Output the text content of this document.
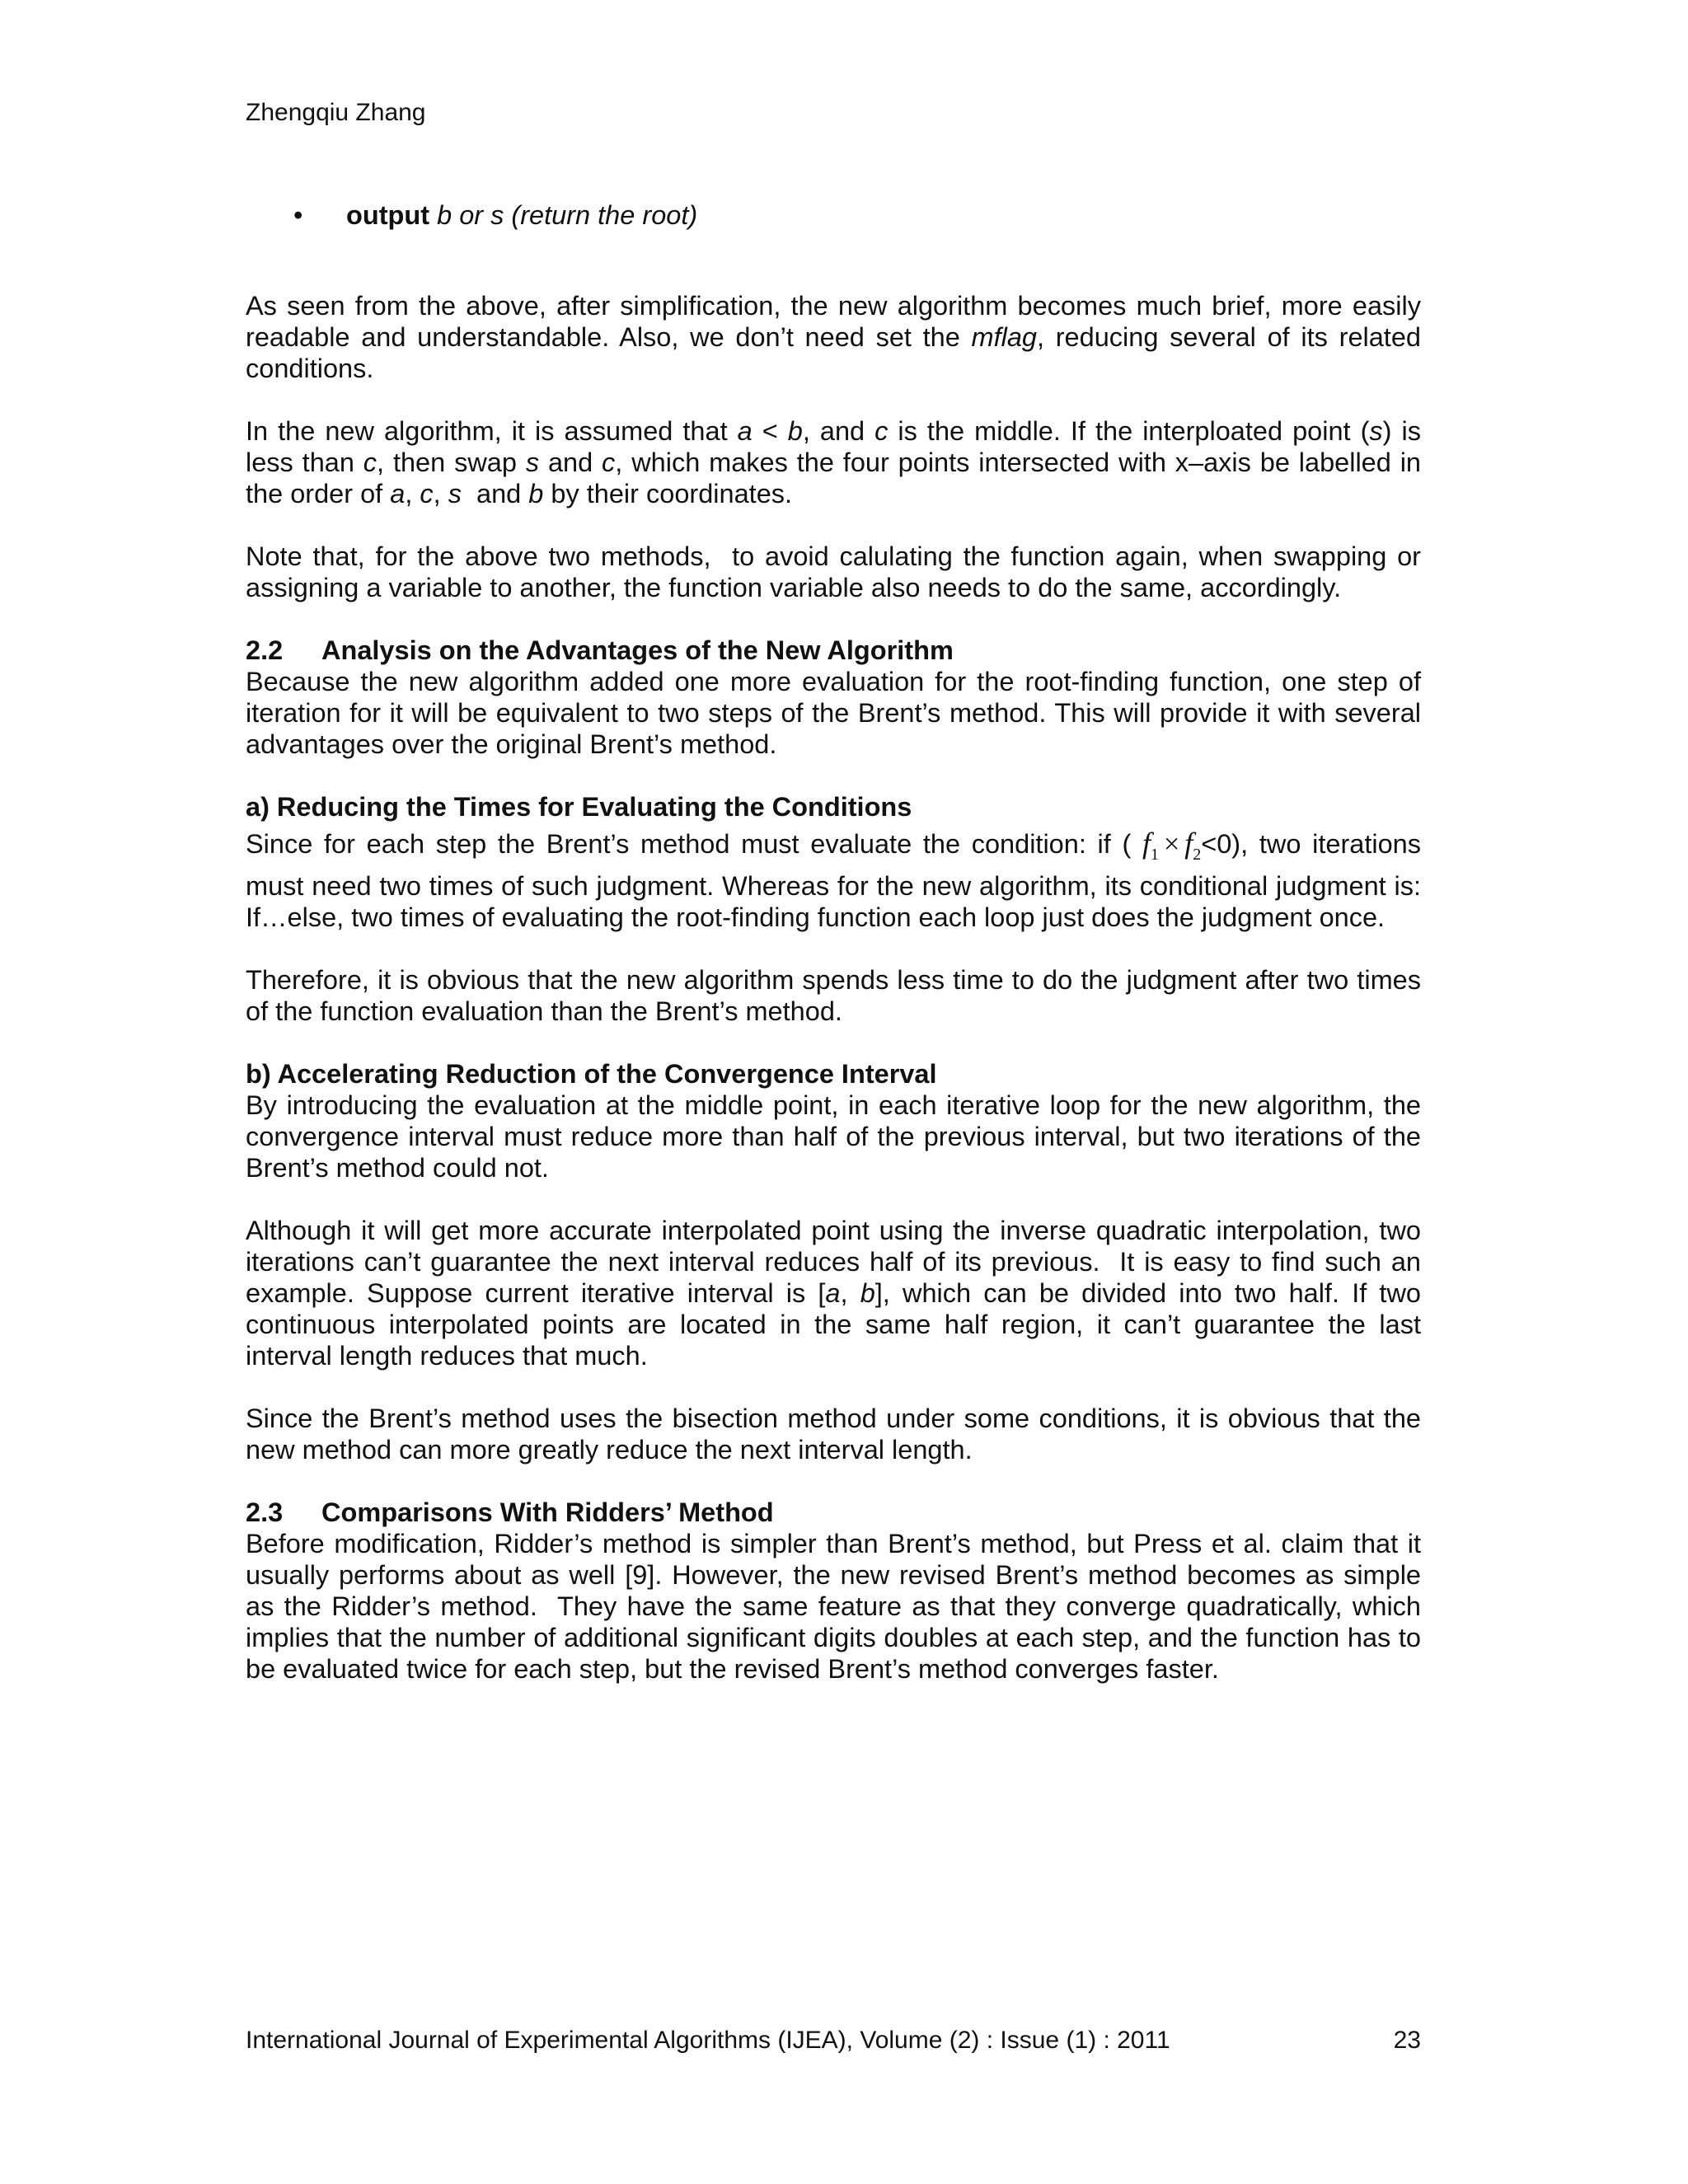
Zhengqiu Zhang
• output b or s (return the root)

As seen from the above, after simplification, the new algorithm becomes much brief, more easily readable and understandable. Also, we don’t need set the mflag, reducing several of its related conditions.

In the new algorithm, it is assumed that a < b, and c is the middle. If the interploated point (s) is less than c, then swap s and c, which makes the four points intersected with x–axis be labelled in the order of a, c, s  and b by their coordinates.

Note that, for the above two methods,  to avoid calulating the function again, when swapping or assigning a variable to another, the function variable also needs to do the same, accordingly.

2.2 Analysis on the Advantages of the New Algorithm

Because the new algorithm added one more evaluation for the root-finding function, one step of iteration for it will be equivalent to two steps of the Brent’s method. This will provide it with several advantages over the original Brent’s method.

a) Reducing the Times for Evaluating the Conditions

Since for each step the Brent’s method must evaluate the condition: if ( $f_1 \times f_2<0$), two iterations must need two times of such judgment. Whereas for the new algorithm, its conditional judgment is: If…else, two times of evaluating the root-finding function each loop just does the judgment once.

Therefore, it is obvious that the new algorithm spends less time to do the judgment after two times of the function evaluation than the Brent’s method.

b) Accelerating Reduction of the Convergence Interval

By introducing the evaluation at the middle point, in each iterative loop for the new algorithm, the convergence interval must reduce more than half of the previous interval, but two iterations of the Brent’s method could not.

Although it will get more accurate interpolated point using the inverse quadratic interpolation, two iterations can’t guarantee the next interval reduces half of its previous.  It is easy to find such an example. Suppose current iterative interval is [a, b], which can be divided into two half. If two continuous interpolated points are located in the same half region, it can’t guarantee the last interval length reduces that much.

Since the Brent’s method uses the bisection method under some conditions, it is obvious that the new method can more greatly reduce the next interval length.

2.3 Comparisons With Ridders’ Method

Before modification, Ridder’s method is simpler than Brent’s method, but Press et al. claim that it usually performs about as well [9]. However, the new revised Brent’s method becomes as simple as the Ridder’s method.  They have the same feature as that they converge quadratically, which implies that the number of additional significant digits doubles at each step, and the function has to be evaluated twice for each step, but the revised Brent’s method converges faster.

International Journal of Experimental Algorithms (IJEA), Volume (2) : Issue (1) : 2011	23
